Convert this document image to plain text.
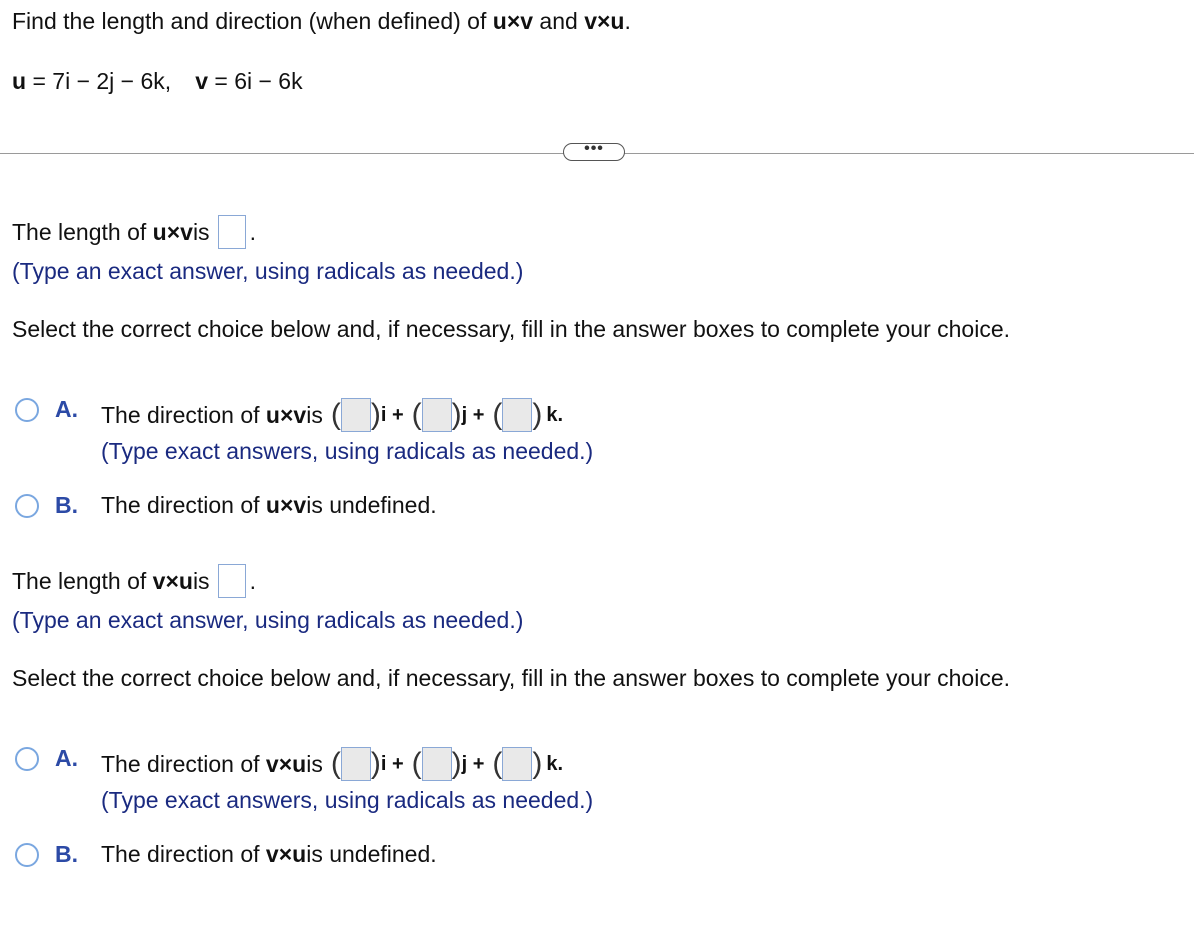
Find the length and direction (when defined) of u×v and v×u.
u = 7i − 2j − 6k, v = 6i − 6k
•••
The length of
u×v is .
(Type an exact answer, using radicals as needed.)
Select the correct choice below and, if necessary, fill in the answer boxes to complete your choice.
A. The direction of
u×v is ( ) i + ( ) j + ( ) k.
(Type exact answers, using radicals as needed.)
B. The direction of
u×v is undefined.
The length of
v×u is .
(Type an exact answer, using radicals as needed.)
Select the correct choice below and, if necessary, fill in the answer boxes to complete your choice.
A. The direction of
v×u is ( ) i + ( ) j + ( ) k.
(Type exact answers, using radicals as needed.)
B. The direction of
v×u is undefined.
